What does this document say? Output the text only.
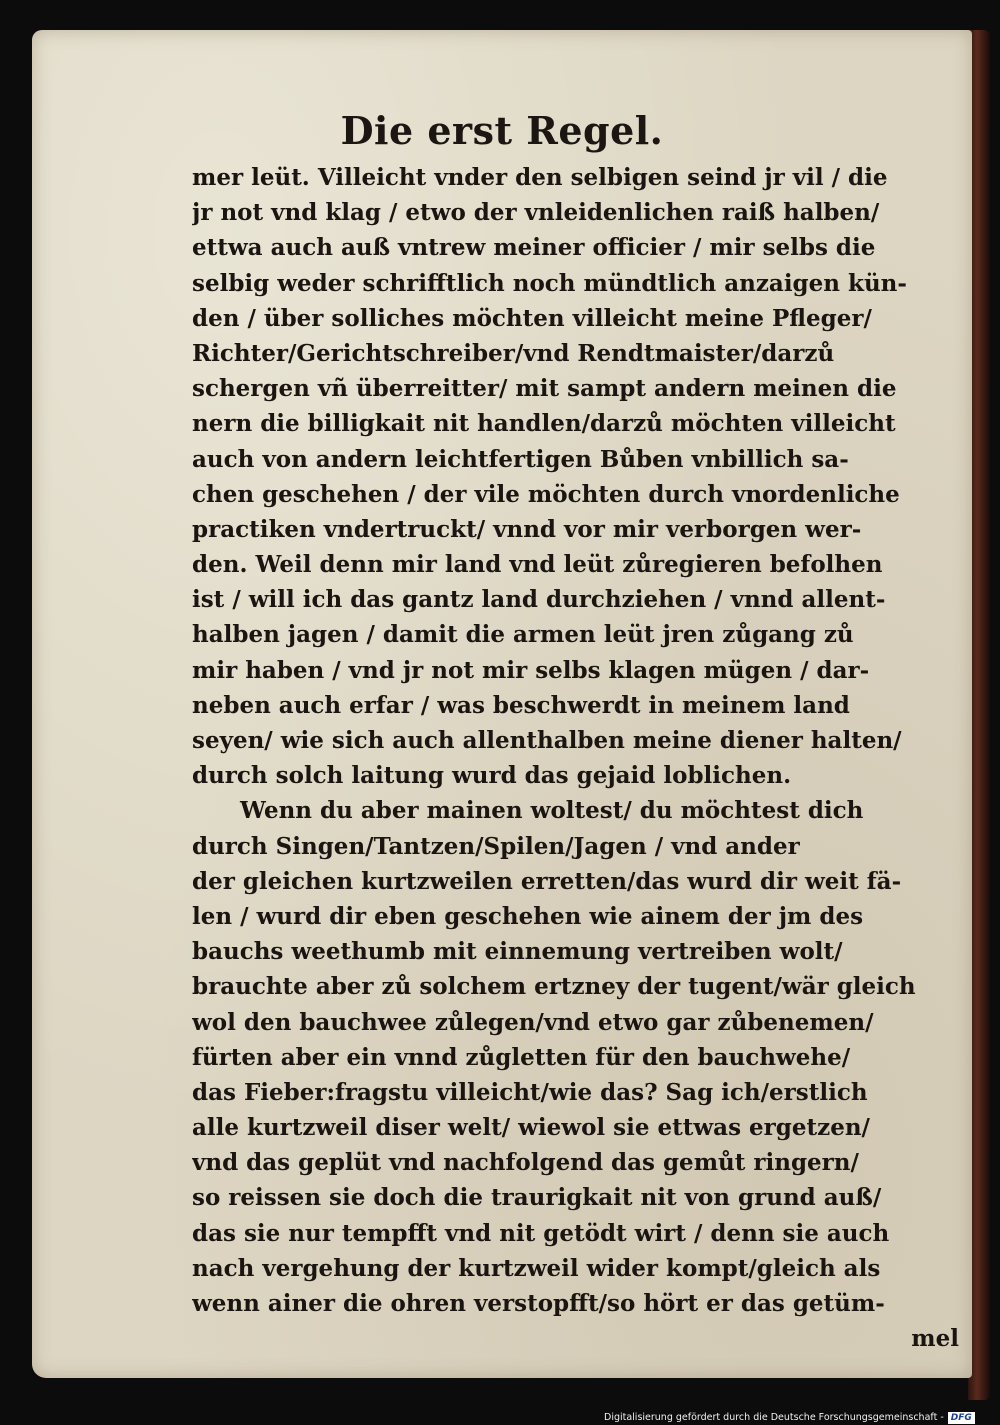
Die erst Regel.
mer leüt. Villeicht vnder den selbigen seind jr vil / die
jr not vnd klag / etwo der vnleidenlichen raiß halben/
ettwa auch auß vntrew meiner officier / mir selbs die
selbig weder schrifftlich noch mündtlich anzaigen kün-
den / über solliches möchten villeicht meine Pfleger/
Richter/Gerichtschreiber/vnd Rendtmaister/darzů
schergen vñ überreitter/ mit sampt andern meinen die
nern die billigkait nit handlen/darzů möchten villeicht
auch von andern leichtfertigen Bůben vnbillich sa-
chen geschehen / der vile möchten durch vnordenliche
practiken vndertruckt/ vnnd vor mir verborgen wer-
den. Weil denn mir land vnd leüt zůregieren befolhen
ist / will ich das gantz land durchziehen / vnnd allent-
halben jagen / damit die armen leüt jren zůgang zů
mir haben / vnd jr not mir selbs klagen mügen / dar-
neben auch erfar / was beschwerdt in meinem land
seyen/ wie sich auch allenthalben meine diener halten/
durch solch laitung wurd das gejaid loblichen.
Wenn du aber mainen woltest/ du möchtest dich
durch Singen/Tantzen/Spilen/Jagen / vnd ander
der gleichen kurtzweilen erretten/das wurd dir weit fä-
len / wurd dir eben geschehen wie ainem der jm des
bauchs weethumb mit einnemung vertreiben wolt/
brauchte aber zů solchem ertzney der tugent/wär gleich
wol den bauchwee zůlegen/vnd etwo gar zůbenemen/
fürten aber ein vnnd zůgletten für den bauchwehe/
das Fieber:fragstu villeicht/wie das? Sag ich/erstlich
alle kurtzweil diser welt/ wiewol sie ettwas ergetzen/
vnd das geplüt vnd nachfolgend das gemůt ringern/
so reissen sie doch die traurigkait nit von grund auß/
das sie nur tempfft vnd nit getödt wirt / denn sie auch
nach vergehung der kurtzweil wider kompt/gleich als
wenn ainer die ohren verstopfft/so hört er das getüm-
mel
Digitalisierung gefördert durch die Deutsche Forschungsgemeinschaft - DFG
